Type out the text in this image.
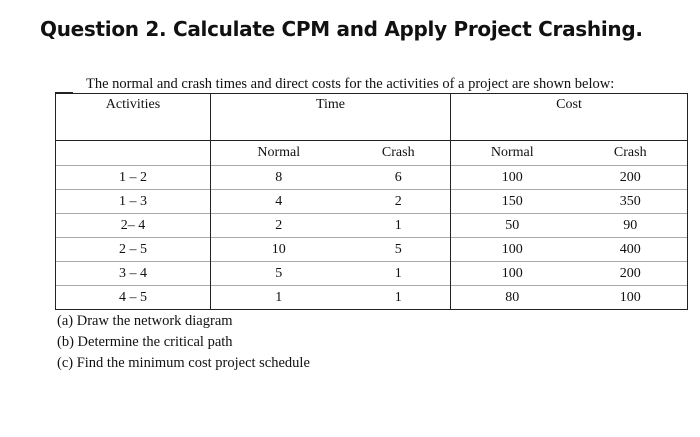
Question 2. Calculate CPM and Apply Project Crashing.
The normal and crash times and direct costs for the activities of a project are shown below:
Activities	Time		Cost	
	Normal	Crash	Normal	Crash
1 – 2	8	6	100	200
1 – 3	4	2	150	350
2– 4	2	1	50	90
2 – 5	10	5	100	400
3 – 4	5	1	100	200
4 – 5	1	1	80	100
(a) Draw the network diagram
(b) Determine the critical path
(c) Find the minimum cost project schedule
